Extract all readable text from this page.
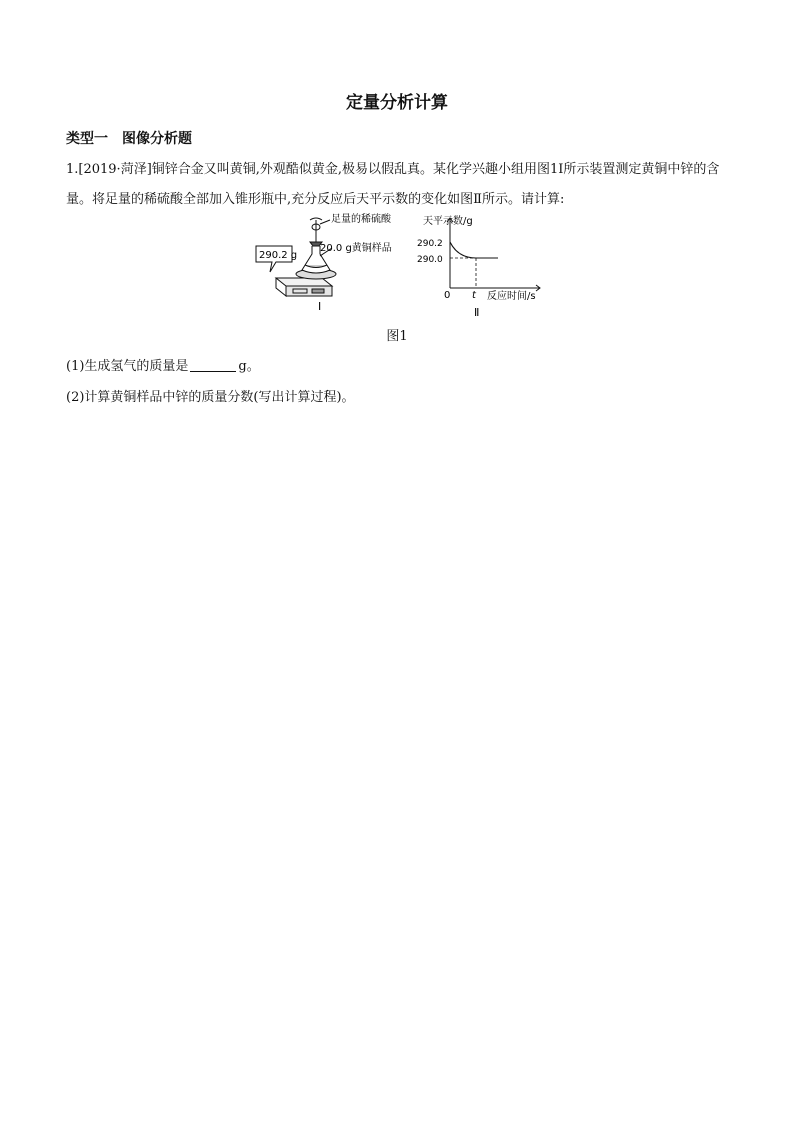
定量分析计算
类型一 图像分析题
1.[2019·菏泽]铜锌合金又叫黄铜,外观酷似黄金,极易以假乱真。某化学兴趣小组用图1Ⅰ所示装置测定黄铜中锌的含量。将足量的稀硫酸全部加入锥形瓶中,充分反应后天平示数的变化如图Ⅱ所示。请计算:
290.2 g
足量的稀硫酸
20.0 g黄铜样品
Ⅰ
天平示数/g
反应时间/s
290.2
290.0
0 t
Ⅱ
图1
(1)生成氢气的质量是	g。
(2)计算黄铜样品中锌的质量分数(写出计算过程)。
